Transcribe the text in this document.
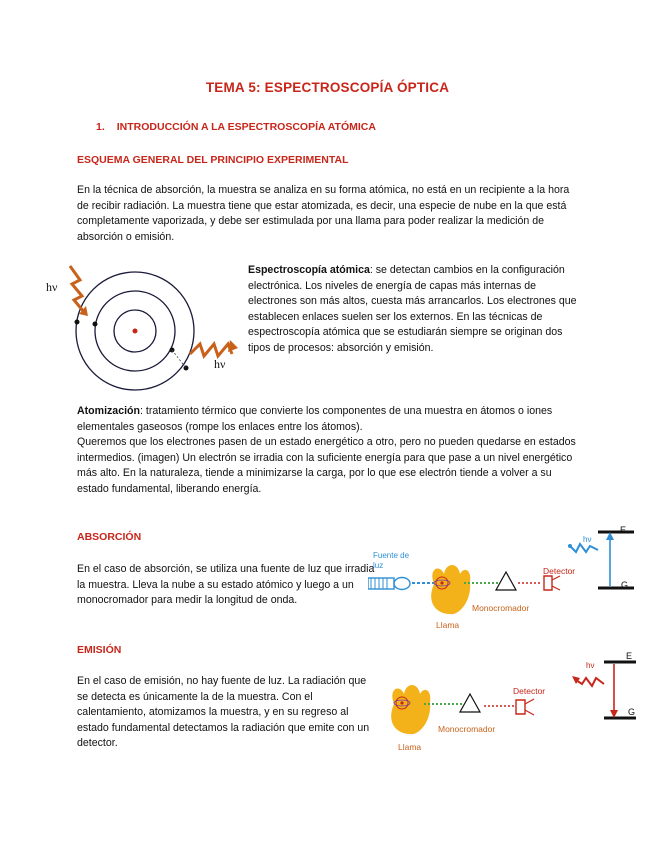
TEMA 5: ESPECTROSCOPÍA ÓPTICA
1. INTRODUCCIÓN A LA ESPECTROSCOPÍA ATÓMICA
ESQUEMA GENERAL DEL PRINCIPIO EXPERIMENTAL

En la técnica de absorción, la muestra se analiza en su forma atómica, no está en un recipiente a la hora de recibir radiación. La muestra tiene que estar atomizada, es decir, una especie de nube en la que está completamente vaporizada, y debe ser estimulada por una llama para poder realizar la medición de absorción o emisión.

hν
hν

Espectroscopía atómica: se detectan cambios en la configuración electrónica. Los niveles de energía de capas más internas de electrones son más altos, cuesta más arrancarlos. Los electrones que establecen enlaces suelen ser los externos. En las técnicas de espectroscopía atómica que se estudiarán siempre se originan dos tipos de procesos: absorción y emisión.

Atomización: tratamiento térmico que convierte los componentes de una muestra en átomos o iones elementales gaseosos (rompe los enlaces entre los átomos).
Queremos que los electrones pasen de un estado energético a otro, pero no pueden quedarse en estados intermedios. (imagen) Un electrón se irradia con la suficiente energía para que pase a un nivel energético más alto. En la naturaleza, tiende a minimizarse la carga, por lo que ese electrón tiende a volver a su estado fundamental, liberando energía.

ABSORCIÓN

En el caso de absorción, se utiliza una fuente de luz que irradia la muestra. Lleva la nube a su estado atómico y luego a un monocromador para medir la longitud de onda.

Fuente de luz
Detector
Monocromador
Llama
hν
E
G
EMISIÓN

En el caso de emisión, no hay fuente de luz. La radiación que se detecta es únicamente la de la muestra. Con el calentamiento, atomizamos la muestra, y en su regreso al estado fundamental detectamos la radiación que emite con un detector.

Detector
Monocromador
Llama
hν
E
G
